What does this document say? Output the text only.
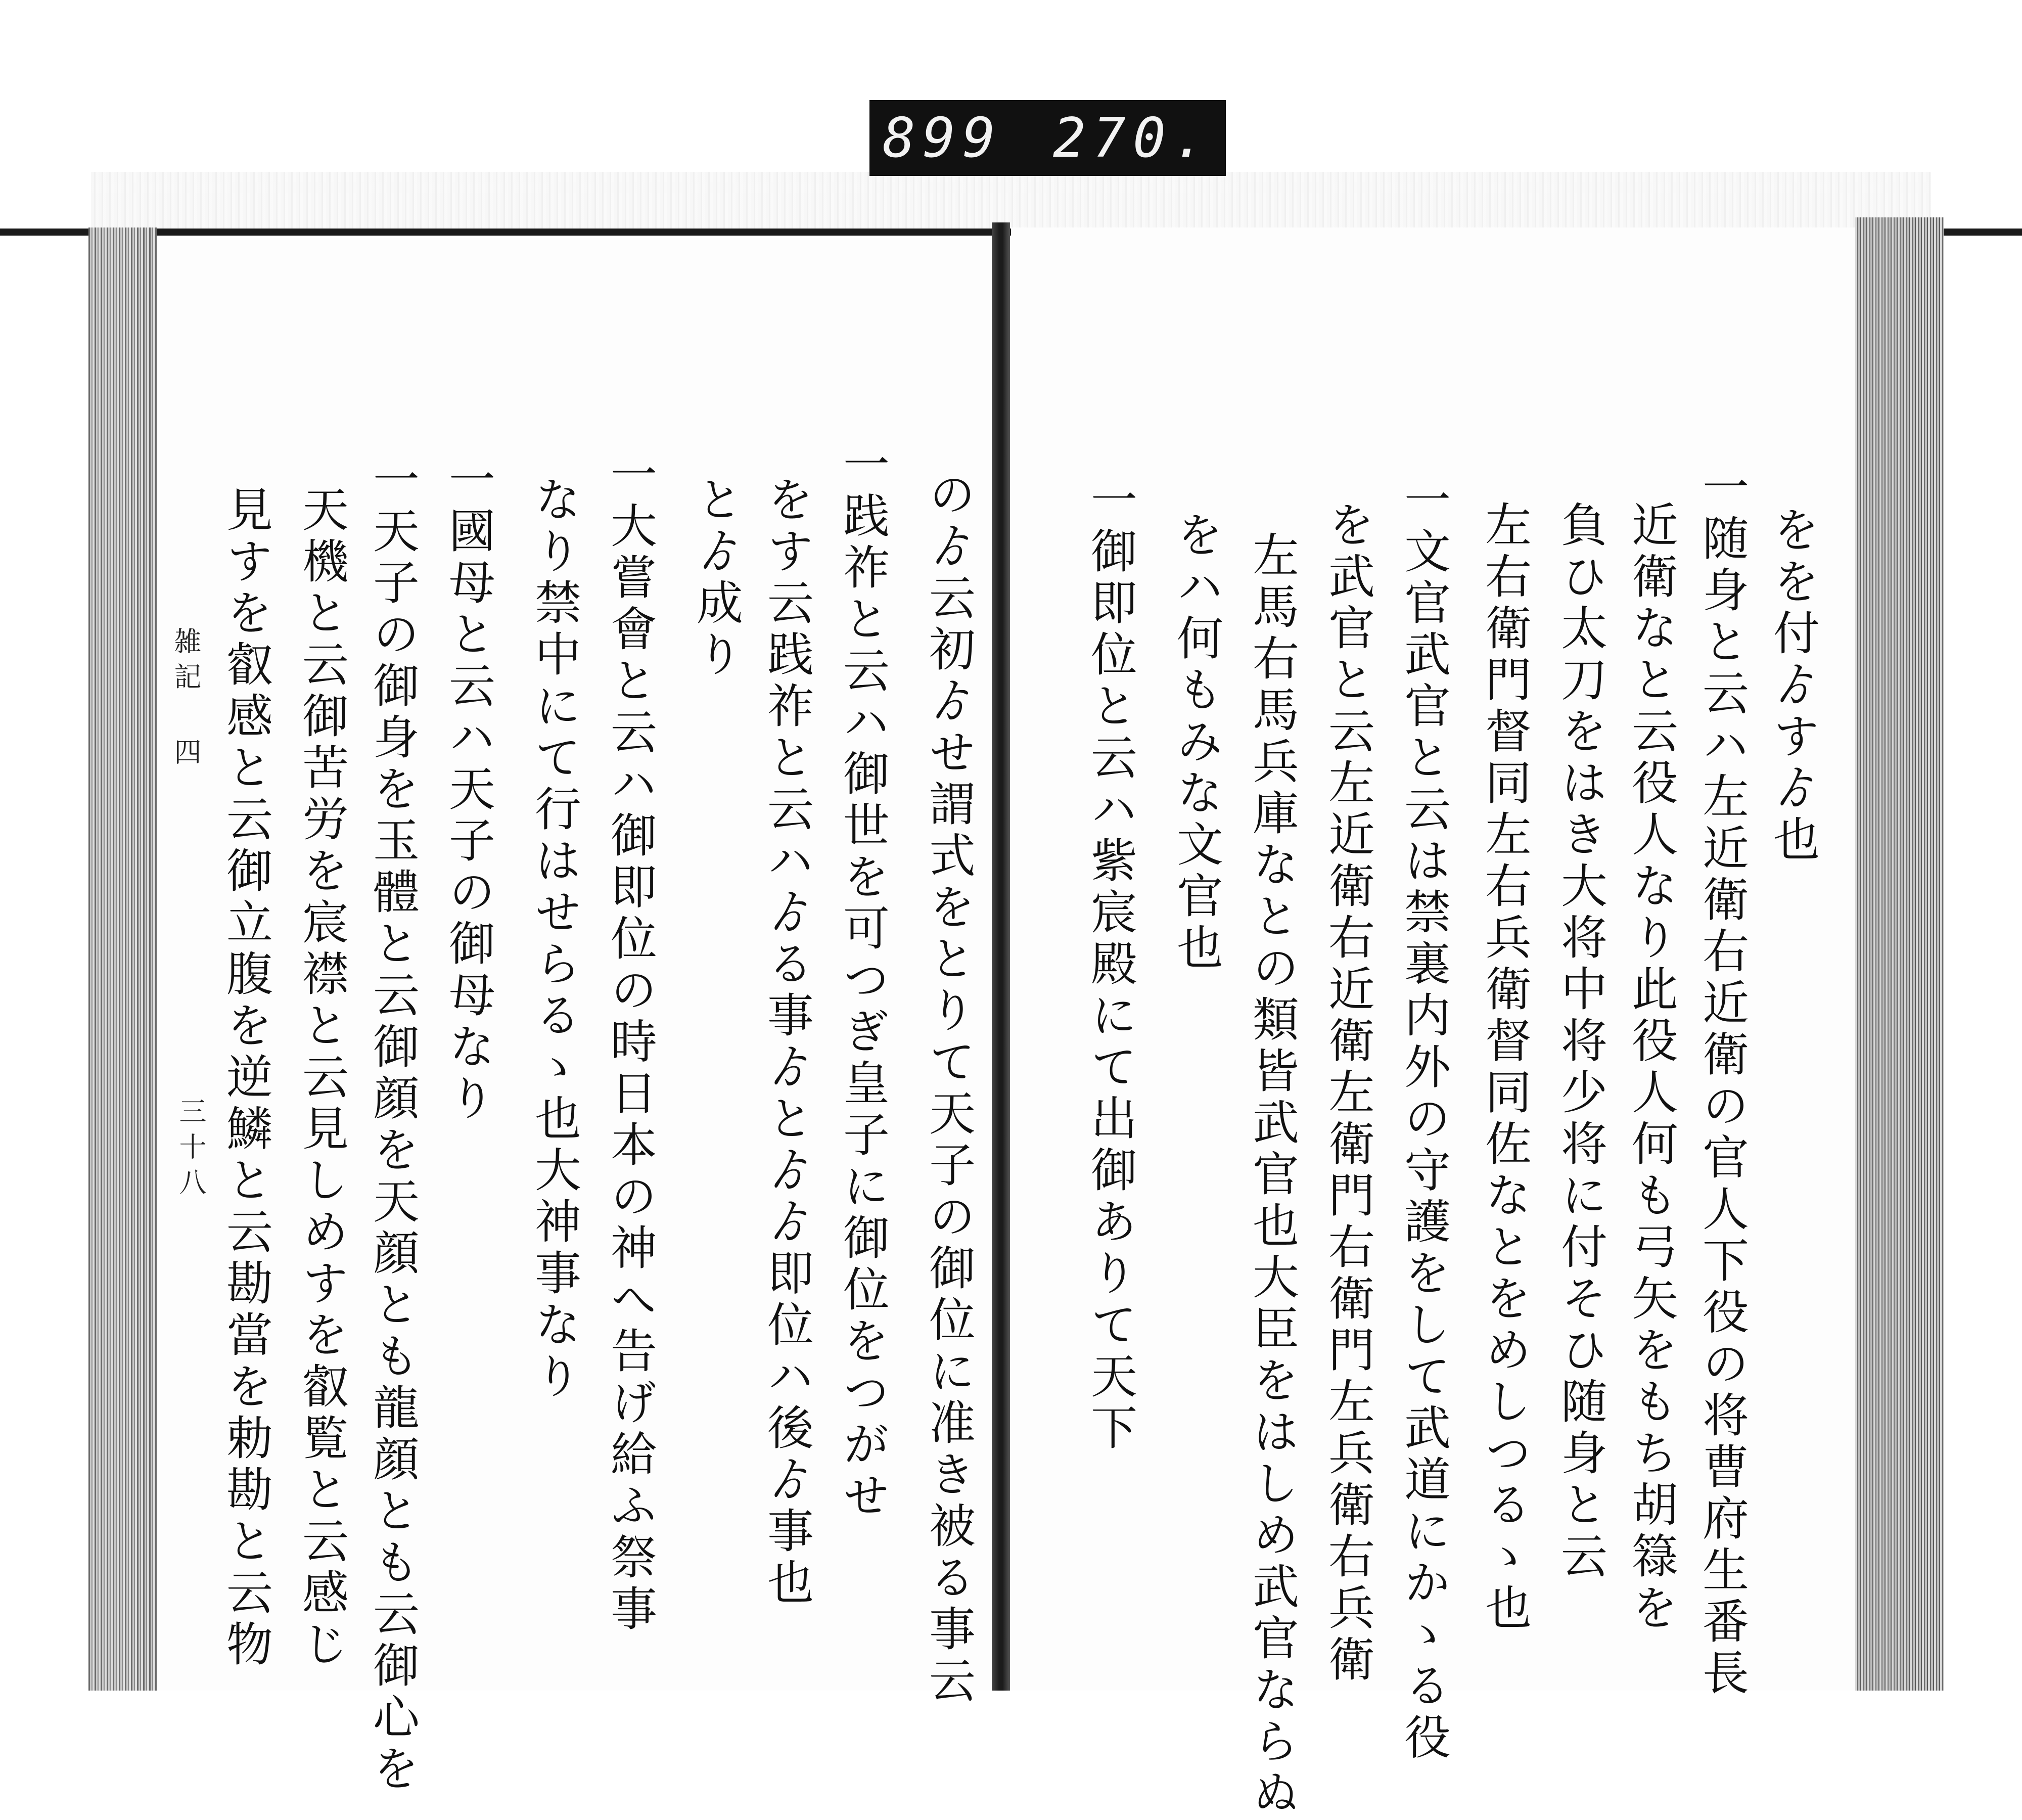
899 270.
をを付ゟすゟ也
一随身と云ハ左近衛右近衛の官人下役の将曹府生番長
近衛なと云役人なり此役人何も弓矢をもち胡簶を
負ひ太刀をはき大将中将少将に付そひ随身と云
左右衛門督同左右兵衛督同佐なとをめしつるゝ也
一文官武官と云は禁裏内外の守護をして武道にかゝる役
を武官と云左近衛右近衛左衛門右衛門左兵衛右兵衛
左馬右馬兵庫なとの類皆武官也大臣をはしめ武官ならぬ
をハ何もみな文官也
一御即位と云ハ紫宸殿にて出御ありて天下
のゟ云初ゟせ謂式をとりて天子の御位に准き被る事云
一践祚と云ハ御世を可つぎ皇子に御位をつがせ
をす云践祚と云ハゟる事ゟとゟゟ即位ハ後ゟ事也
とゟ成り
一大嘗會と云ハ御即位の時日本の神へ告げ給ふ祭事
なり禁中にて行はせらるゝ也大神事なり
一國母と云ハ天子の御母なり
一天子の御身を玉體と云御顔を天顔とも龍顔とも云御心を
天機と云御苦労を宸襟と云見しめすを叡覧と云感じ
見すを叡感と云御立腹を逆鱗と云勘當を勅勘と云物
雑記 四
三十八
